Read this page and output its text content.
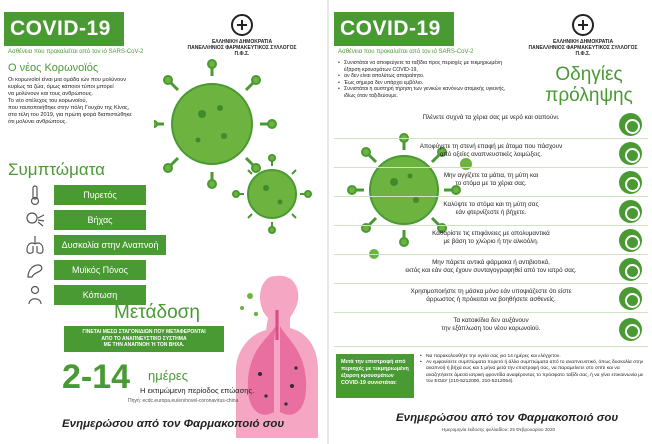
COVID-19
Ασθένεια που προκαλείται από τον ιό SARS-CoV-2
ΕΛΛΗΝΙΚΗ ΔΗΜΟΚΡΑΤΙΑ
ΠΑΝΕΛΛΗΝΙΟΣ ΦΑΡΜΑΚΕΥΤΙΚΟΣ ΣΥΛΛΟΓΟΣ
Π.Φ.Σ.
Ο νέος Κορωνοϊός
Οι κορωνοϊοί είναι μια ομάδα ιών που μολύνουν
κυρίως τα ζώα, όμως κάποιοι τύποι μπορεί
να μολύνουν και τους ανθρώπους.
Το νέο στέλεχος του κορωνοϊού,
που ταυτοποιήθηκε στην πόλη Γουχάν της Κίνας,
στα τέλη του 2019, για πρώτη φορά διαπιστώθηκε
ότι μολύνει ανθρώπους.
Συμπτώματα
Πυρετός
Βήχας
Δυσκολία στην Αναπνοή
Μυϊκός Πόνος
Κόπωση
Μετάδοση
ΓΙΝΕΤΑΙ ΜΕΣΩ ΣΤΑΓΟΝΙΔΙΩΝ ΠΟΥ ΜΕΤΑΦΕΡΟΝΤΑΙ
ΑΠΟ ΤΟ ΑΝΑΠΝΕΥΣΤΙΚΟ ΣΥΣΤΗΜΑ
ΜΕ ΤΗΝ ΑΝΑΠΝΟΗ Ή ΤΟΝ ΒΗΧΑ.
2-14 ημέρες
Η εκτιμώμενη περίοδος επώασης.
Πηγή: ecdc.europa.eu/en/novel-coronavirus-china
Ενημερώσου από τον Φαρμακοποιό σου
COVID-19
Ασθένεια που προκαλείται από τον ιό SARS-CoV-2
ΕΛΛΗΝΙΚΗ ΔΗΜΟΚΡΑΤΙΑ
ΠΑΝΕΛΛΗΝΙΟΣ ΦΑΡΜΑΚΕΥΤΙΚΟΣ ΣΥΛΛΟΓΟΣ
Π.Φ.Σ.
• Συνιστάται να αποφεύγετε τα ταξίδια προς περιοχές με τεκμηριωμένη έξαρση κρουσμάτων COVID-19,
• αν δεν είναι απολύτως απαραίτητο.
• Έως σήμερα δεν υπάρχει εμβόλιο.
• Συνιστάται η αυστηρή τήρηση των γενικών κανόνων ατομικής υγιεινής, ιδίως όταν ταξιδεύουμε.
Οδηγίες
πρόληψης
Πλένετε συχνά τα χέρια σας με νερό και σαπούνι.
Αποφύγετε τη στενή επαφή με άτομα που πάσχουν
από οξείες αναπνευστικές λοιμώξεις.
Μην αγγίζετε τα μάτια, τη μύτη και
το στόμα με τα χέρια σας.
Καλύψτε το στόμα και τη μύτη σας
εάν φτερνίζεστε ή βήχετε.
Καθαρίστε τις επιφάνειες με απολυμαντικά
με βάση το χλώριο ή την αλκοόλη.
Μην πάρετε αντικά φάρμακα ή αντιβιοτικά,
εκτός και εάν σας έχουν συνταγογραφηθεί από τον ιατρό σας.
Χρησιμοποιήστε τη μάσκα μόνο εάν υποψιάζεστε ότι είστε
άρρωστος ή πρόκειται να βοηθήσετε ασθενείς.
Τα κατοικίδια δεν αυξάνουν
την εξάπλωση του νέου κορωνοϊού.
Μετά την επιστροφή από
περιοχές με τεκμηριωμένη
έξαρση κρουσμάτων
COVID-19 συνιστάται:
• Να παρακολουθήτε την υγεία σας για 14 ημέρες και ελέγχετον.
• Αν εμφανίσετε συμπτώματα πυρετό ή άλλα συμπτώματα από το αναπνευστικό, όπως δυσκολία στην αναπνοή ή βήχα εως και 1 μήνα μετά την επιστροφή σας, να παραμείνετε στο σπίτι και να αναζητήσετε άμεσα ιατρική φροντίδα αναφέροντας το πρόσφατο ταξίδι σας, ή να γίνει επικοινωνία με τον ΕΟΔΥ (210-5212000, 210-5212054).
Ενημερώσου από τον Φαρμακοποιό σου
Ημερομηνία έκδοσης φυλλαδίου: 25 Φεβρουαρίου 2020
